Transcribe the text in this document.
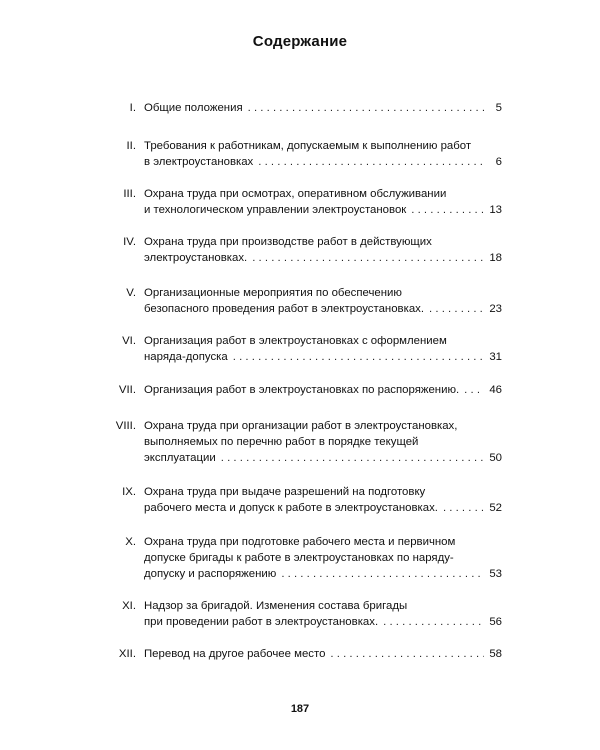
Содержание
I. Общие положения . . .	5
II. Требования к работникам, допускаемым к выполнению работ
в электроустановках . . .	6
III. Охрана труда при осмотрах, оперативном обслуживании
и технологическом управлении электроустановок . . .	13
IV. Охрана труда при производстве работ в действующих
электроустановках. . . .	18
V. Организационные мероприятия по обеспечению
безопасного проведения работ в электроустановках. . . .	23
VI. Организация работ в электроустановках с оформлением
наряда-допуска . . .	31
VII. Организация работ в электроустановках по распоряжению. . . .	46
VIII. Охрана труда при организации работ в электроустановках,
выполняемых по перечню работ в порядке текущей
эксплуатации . . .	50
IX. Охрана труда при выдаче разрешений на подготовку
рабочего места и допуск к работе в электроустановках. . . .	52
X. Охрана труда при подготовке рабочего места и первичном
допуске бригады к работе в электроустановках по наряду-
допуску и распоряжению . . .	53
XI. Надзор за бригадой. Изменения состава бригады
при проведении работ в электроустановках. . . .	56
XII. Перевод на другое рабочее место . . .	58
187
